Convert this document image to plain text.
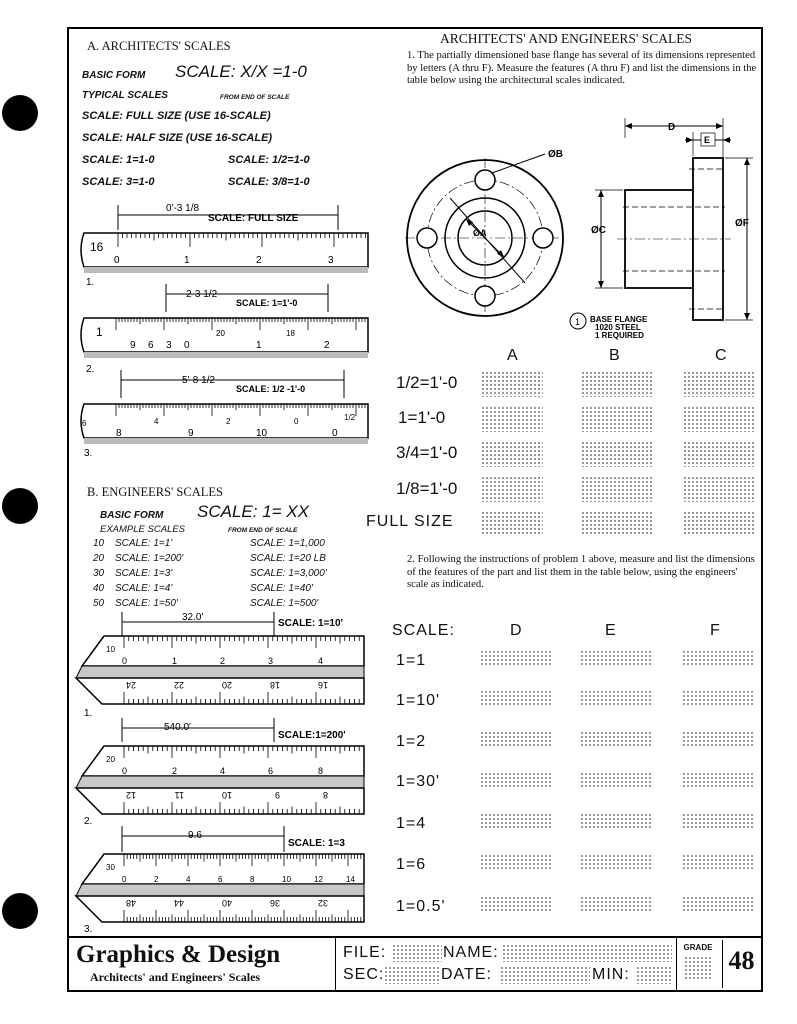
ARCHITECTS' AND ENGINEERS' SCALES
A. ARCHITECTS' SCALES
BASIC FORM SCALE: X/X =1-0
TYPICAL SCALES	FROM END OF SCALE
SCALE: FULL SIZE (USE 16-SCALE)
SCALE: HALF SIZE (USE 16-SCALE)
SCALE: 1=1-0	SCALE: 1/2=1-0
SCALE: 3=1-0	SCALE: 3/8=1-0
0'-3 1/8
SCALE: FULL SIZE
16
0	1	2	3
1.
2-3 1/2
SCALE: 1=1'-0
1
9 6 3 0
20
1
18
2
2.
5'-8 1/2
SCALE: 1/2 -1'-0
6
8
4
9
2
10
0
0
1/2
3.
B. ENGINEERS' SCALES
BASIC FORM SCALE: 1= XX
EXAMPLE SCALES	FROM END OF SCALE
10 SCALE: 1=1'	SCALE: 1=1,000
20 SCALE: 1=200'	SCALE: 1=20 LB
30 SCALE: 1=3'	SCALE: 1=3,000'
40 SCALE: 1=4'	SCALE: 1=40'
50 SCALE: 1=50'	SCALE: 1=500'
32.0'
SCALE: 1=10'
10
0	1	2	3	4
24	22	20	18	16
1.
540.0'
SCALE:1=200'
20
0	2	4	6	8
12	11	10	9	8
2.
9.6
SCALE: 1=3
30
0	2	4	6	8	10	12	14
48	44	40	36	32
3.
1. The partially dimensioned base flange has several of its dimensions represented by letters (A thru F). Measure the features (A thru F) and list the dimensions in the table below using the architectural scales indicated.
ØB
ØA
D
E
ØC
ØF
1 BASE FLANGE
1020 STEEL
1 REQUIRED
A	B	C
1/2=1'-0
1=1'-0
3/4=1'-0
1/8=1'-0
FULL SIZE
2. Following the instructions of problem 1 above, measure and list the dimensions of the features of the part and list them in the table below, using the engineers' scale as indicated.
SCALE:	D	E	F
1=1
1=10'
1=2
1=30'
1=4
1=6
1=0.5'
Graphics & Design
Architects' and Engineers' Scales
FILE:	NAME:
SEC:	DATE:	MIN:
GRADE 48
